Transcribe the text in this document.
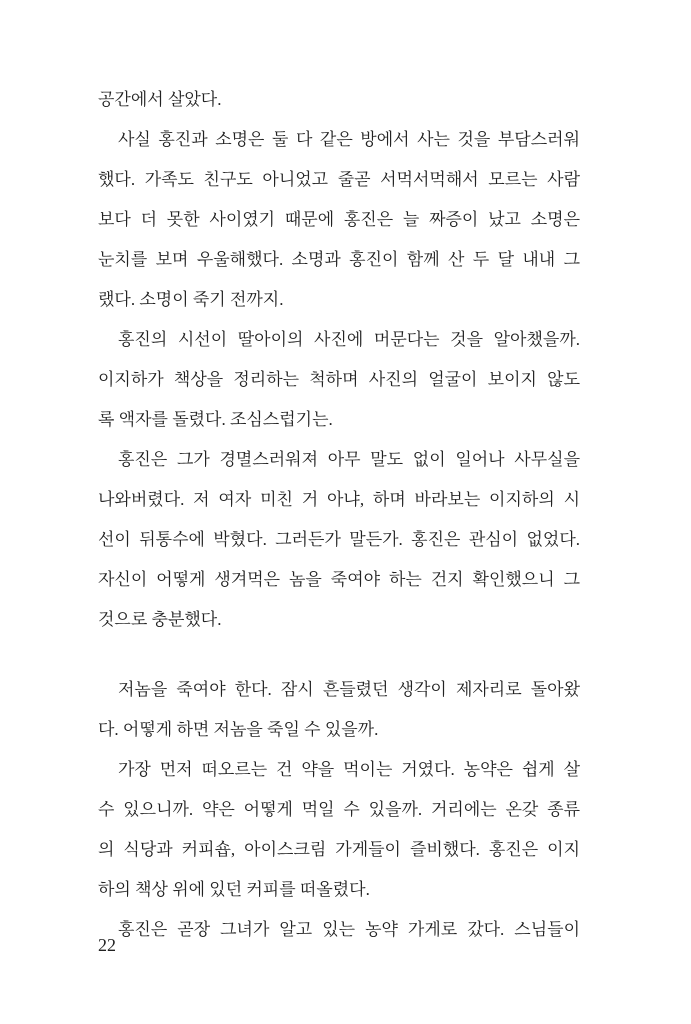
공간에서 살았다.
사실 홍진과 소명은 둘 다 같은 방에서 사는 것을 부담스러워
했다. 가족도 친구도 아니었고 줄곧 서먹서먹해서 모르는 사람
보다 더 못한 사이였기 때문에 홍진은 늘 짜증이 났고 소명은
눈치를 보며 우울해했다. 소명과 홍진이 함께 산 두 달 내내 그
랬다. 소명이 죽기 전까지.
홍진의 시선이 딸아이의 사진에 머문다는 것을 알아챘을까.
이지하가 책상을 정리하는 척하며 사진의 얼굴이 보이지 않도
록 액자를 돌렸다. 조심스럽기는.
홍진은 그가 경멸스러워져 아무 말도 없이 일어나 사무실을
나와버렸다. 저 여자 미친 거 아냐, 하며 바라보는 이지하의 시
선이 뒤통수에 박혔다. 그러든가 말든가. 홍진은 관심이 없었다.
자신이 어떻게 생겨먹은 놈을 죽여야 하는 건지 확인했으니 그
것으로 충분했다.
저놈을 죽여야 한다. 잠시 흔들렸던 생각이 제자리로 돌아왔
다. 어떻게 하면 저놈을 죽일 수 있을까.
가장 먼저 떠오르는 건 약을 먹이는 거였다. 농약은 쉽게 살
수 있으니까. 약은 어떻게 먹일 수 있을까. 거리에는 온갖 종류
의 식당과 커피숍, 아이스크림 가게들이 즐비했다. 홍진은 이지
하의 책상 위에 있던 커피를 떠올렸다.
홍진은 곧장 그녀가 알고 있는 농약 가게로 갔다. 스님들이
22
